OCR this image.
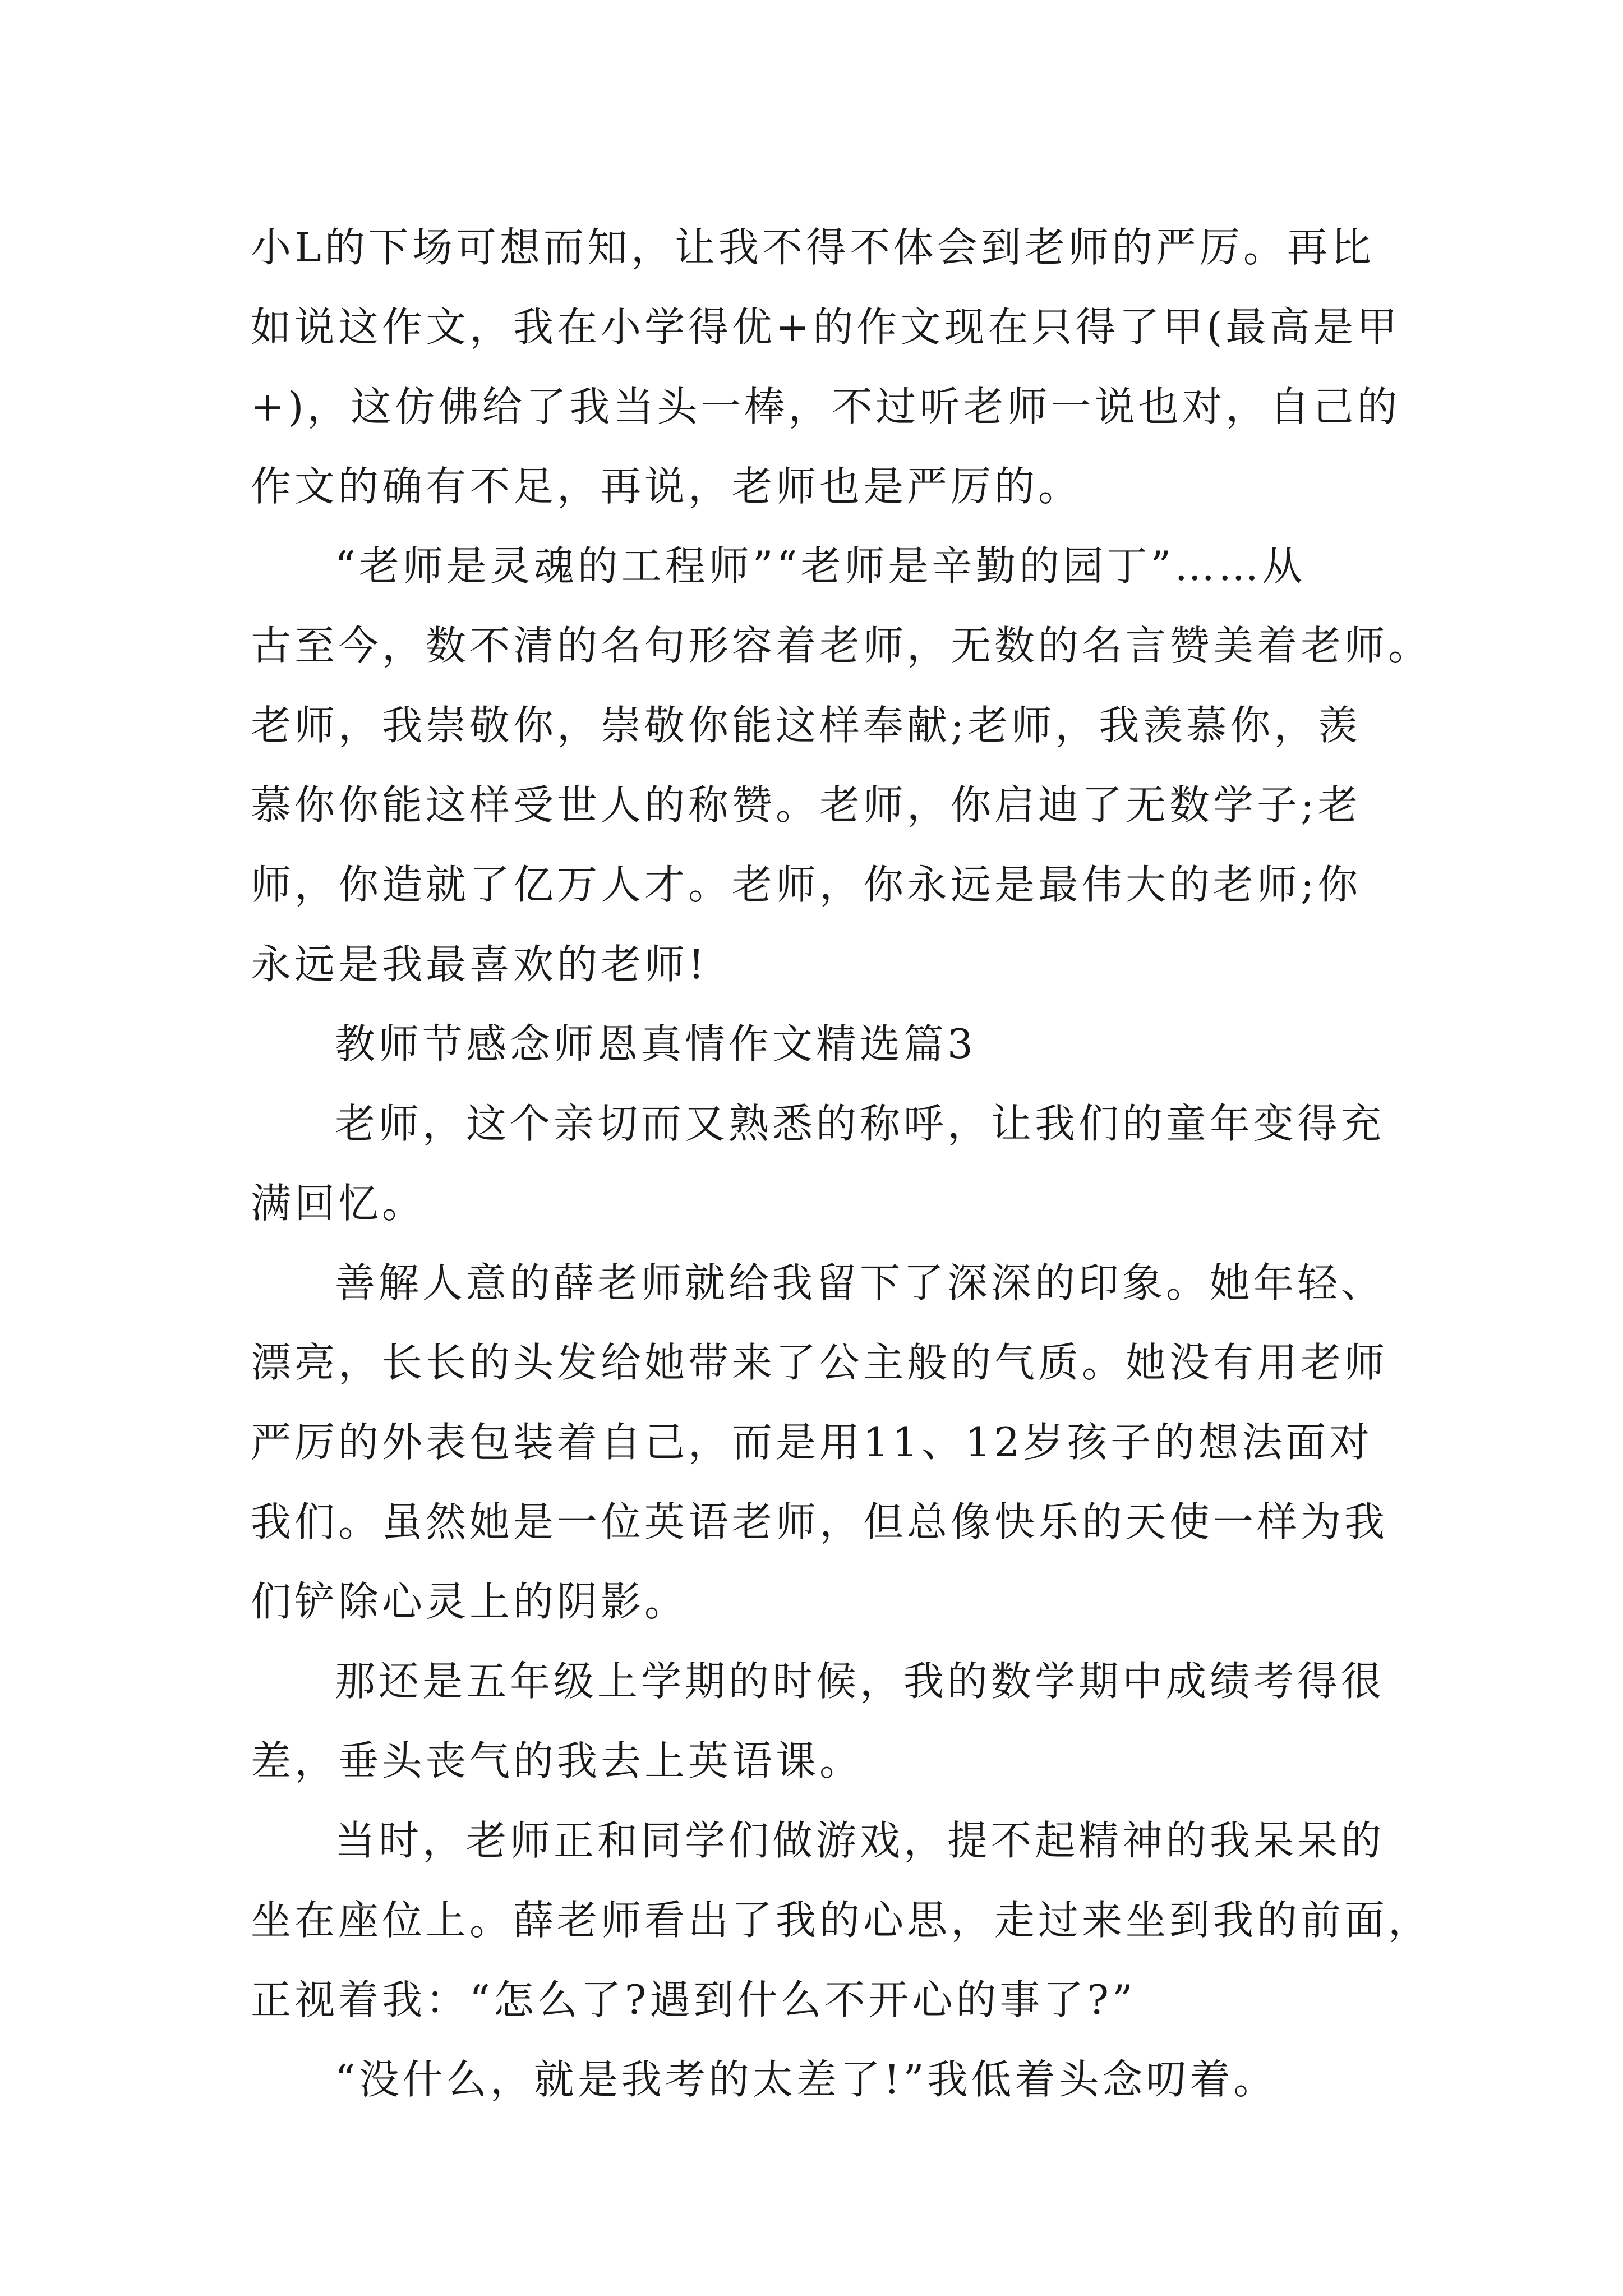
小L的下场可想而知，让我不得不体会到老师的严厉。再比
如说这作文，我在小学得优+的作文现在只得了甲(最高是甲
+)，这仿佛给了我当头一棒，不过听老师一说也对，自己的
作文的确有不足，再说，老师也是严厉的。
“老师是灵魂的工程师”“老师是辛勤的园丁”……从
古至今，数不清的名句形容着老师，无数的名言赞美着老师。
老师，我崇敬你，崇敬你能这样奉献;老师，我羡慕你，羡
慕你你能这样受世人的称赞。老师，你启迪了无数学子;老
师，你造就了亿万人才。老师，你永远是最伟大的老师;你
永远是我最喜欢的老师!
教师节感念师恩真情作文精选篇3
老师，这个亲切而又熟悉的称呼，让我们的童年变得充
满回忆。
善解人意的薛老师就给我留下了深深的印象。她年轻、
漂亮，长长的头发给她带来了公主般的气质。她没有用老师
严厉的外表包装着自己，而是用11、12岁孩子的想法面对
我们。虽然她是一位英语老师，但总像快乐的天使一样为我
们铲除心灵上的阴影。
那还是五年级上学期的时候，我的数学期中成绩考得很
差，垂头丧气的我去上英语课。
当时，老师正和同学们做游戏，提不起精神的我呆呆的
坐在座位上。薛老师看出了我的心思，走过来坐到我的前面，
正视着我：“怎么了?遇到什么不开心的事了?”
“没什么，就是我考的太差了!”我低着头念叨着。
